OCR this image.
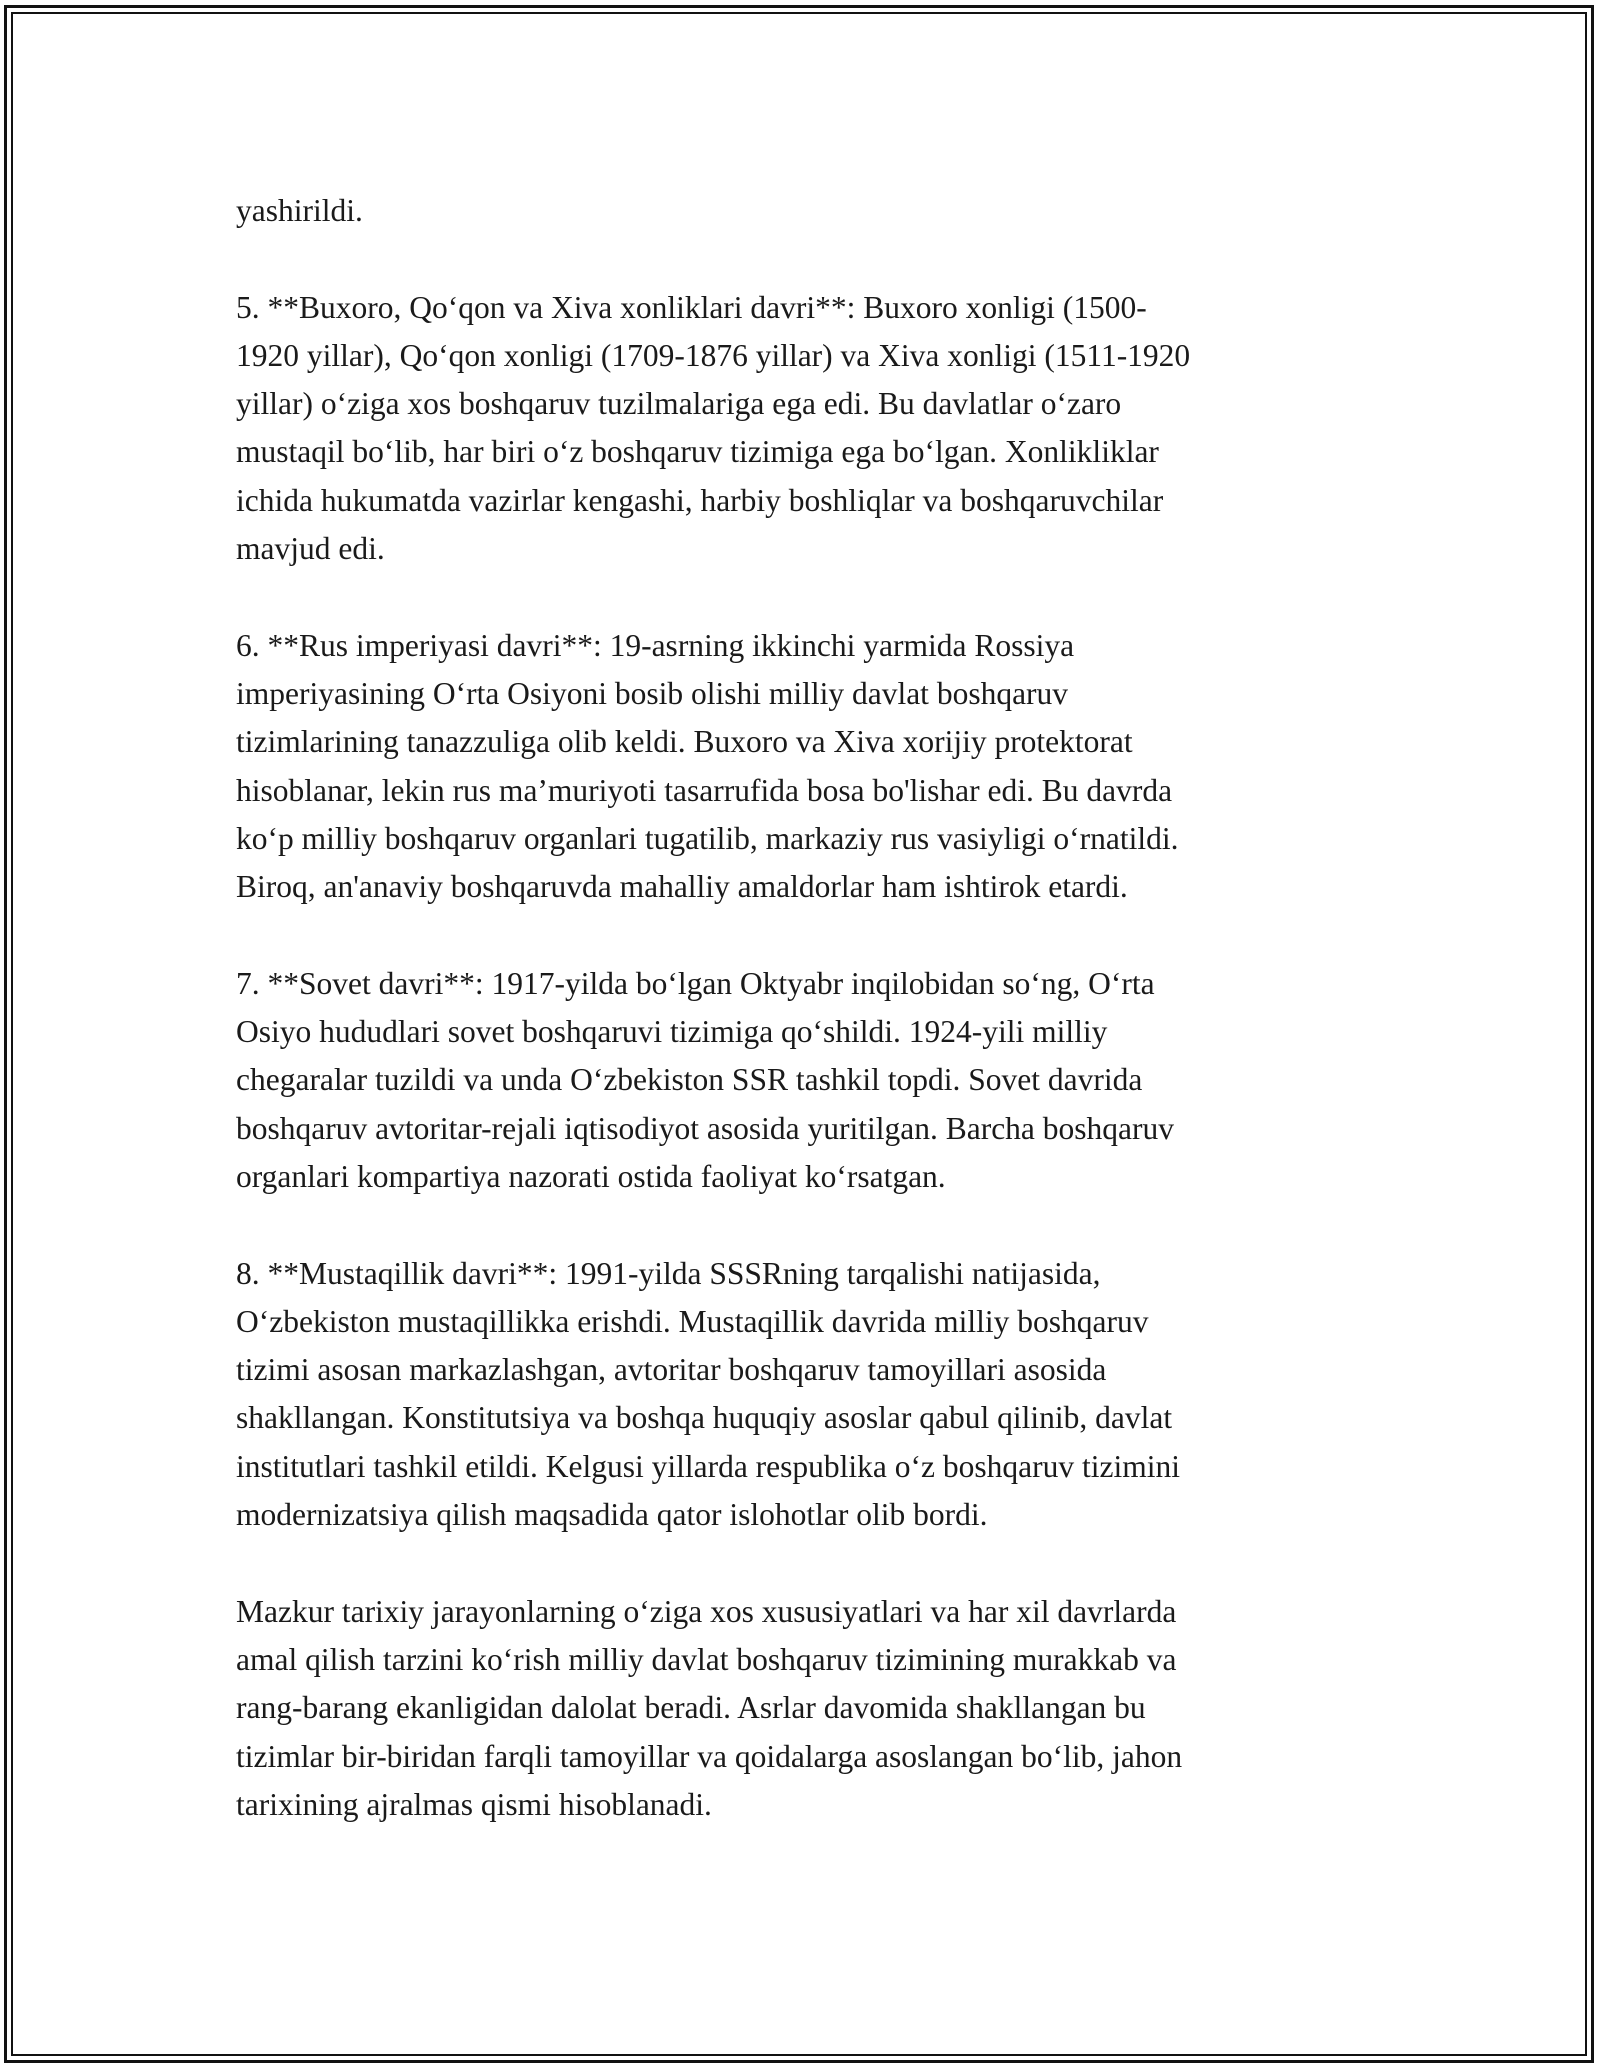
yashirildi.

5. **Buxoro, Qo‘qon va Xiva xonliklari davri**: Buxoro xonligi (1500-
1920 yillar), Qo‘qon xonligi (1709-1876 yillar) va Xiva xonligi (1511-1920
yillar) o‘ziga xos boshqaruv tuzilmalariga ega edi. Bu davlatlar o‘zaro
mustaqil bo‘lib, har biri o‘z boshqaruv tizimiga ega bo‘lgan. Xonlikliklar
ichida hukumatda vazirlar kengashi, harbiy boshliqlar va boshqaruvchilar
mavjud edi.

6. **Rus imperiyasi davri**: 19-asrning ikkinchi yarmida Rossiya
imperiyasining O‘rta Osiyoni bosib olishi milliy davlat boshqaruv
tizimlarining tanazzuliga olib keldi. Buxoro va Xiva xorijiy protektorat
hisoblanar, lekin rus ma’muriyoti tasarrufida bosa bo'lishar edi. Bu davrda
ko‘p milliy boshqaruv organlari tugatilib, markaziy rus vasiyligi o‘rnatildi.
Biroq, an'anaviy boshqaruvda mahalliy amaldorlar ham ishtirok etardi.

7. **Sovet davri**: 1917-yilda bo‘lgan Oktyabr inqilobidan so‘ng, O‘rta
Osiyo hududlari sovet boshqaruvi tizimiga qo‘shildi. 1924-yili milliy
chegaralar tuzildi va unda O‘zbekiston SSR tashkil topdi. Sovet davrida
boshqaruv avtoritar-rejali iqtisodiyot asosida yuritilgan. Barcha boshqaruv
organlari kompartiya nazorati ostida faoliyat ko‘rsatgan.

8. **Mustaqillik davri**: 1991-yilda SSSRning tarqalishi natijasida,
O‘zbekiston mustaqillikka erishdi. Mustaqillik davrida milliy boshqaruv
tizimi asosan markazlashgan, avtoritar boshqaruv tamoyillari asosida
shakllangan. Konstitutsiya va boshqa huquqiy asoslar qabul qilinib, davlat
institutlari tashkil etildi. Kelgusi yillarda respublika o‘z boshqaruv tizimini
modernizatsiya qilish maqsadida qator islohotlar olib bordi.

Mazkur tarixiy jarayonlarning o‘ziga xos xususiyatlari va har xil davrlarda
amal qilish tarzini ko‘rish milliy davlat boshqaruv tizimining murakkab va
rang-barang ekanligidan dalolat beradi. Asrlar davomida shakllangan bu
tizimlar bir-biridan farqli tamoyillar va qoidalarga asoslangan bo‘lib, jahon
tarixining ajralmas qismi hisoblanadi.
